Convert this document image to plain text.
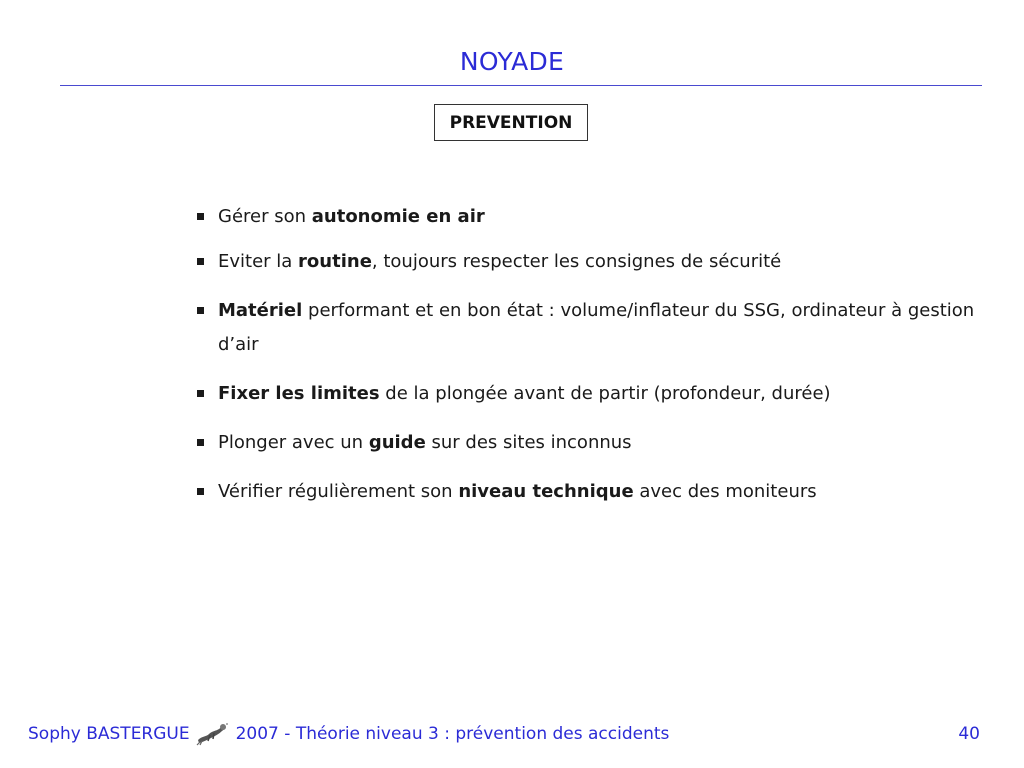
NOYADE
PREVENTION
Gérer son autonomie en air
Eviter la routine, toujours respecter les consignes de sécurité
Matériel performant et en bon état : volume/inflateur du SSG, ordinateur à gestion d’air
Fixer les limites de la plongée avant de partir (profondeur, durée)
Plonger avec un guide sur des sites inconnus
Vérifier régulièrement son niveau technique avec des moniteurs
Sophy BASTERGUE	2007 - Théorie niveau 3 : prévention des accidents	40
